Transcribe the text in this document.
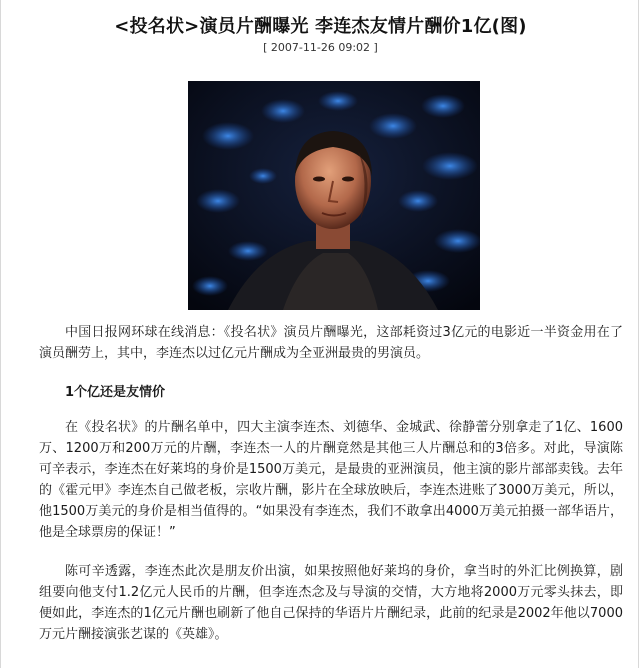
<投名状>演员片酬曝光 李连杰友情片酬价1亿(图)
[ 2007-11-26 09:02 ]

中国日报网环球在线消息：《投名状》演员片酬曝光，这部耗资过3亿元的电影近一半资金用在了演员酬劳上，其中，李连杰以过亿元片酬成为全亚洲最贵的男演员。

1个亿还是友情价

在《投名状》的片酬名单中，四大主演李连杰、刘德华、金城武、徐静蕾分别拿走了1亿、1600万、1200万和200万元的片酬，李连杰一人的片酬竟然是其他三人片酬总和的3倍多。对此，导演陈可辛表示，李连杰在好莱坞的身价是1500万美元，是最贵的亚洲演员，他主演的影片部部卖钱。去年的《霍元甲》李连杰自己做老板，宗收片酬，影片在全球放映后，李连杰进账了3000万美元，所以，他1500万美元的身价是相当值得的。“如果没有李连杰，我们不敢拿出4000万美元拍摄一部华语片，他是全球票房的保证！”

陈可辛透露，李连杰此次是朋友价出演，如果按照他好莱坞的身价，拿当时的外汇比例换算，剧组要向他支付1.2亿元人民币的片酬，但李连杰念及与导演的交情，大方地将2000万元零头抹去，即便如此，李连杰的1亿元片酬也刷新了他自己保持的华语片片酬纪录，此前的纪录是2002年他以7000万元片酬接演张艺谋的《英雄》。
